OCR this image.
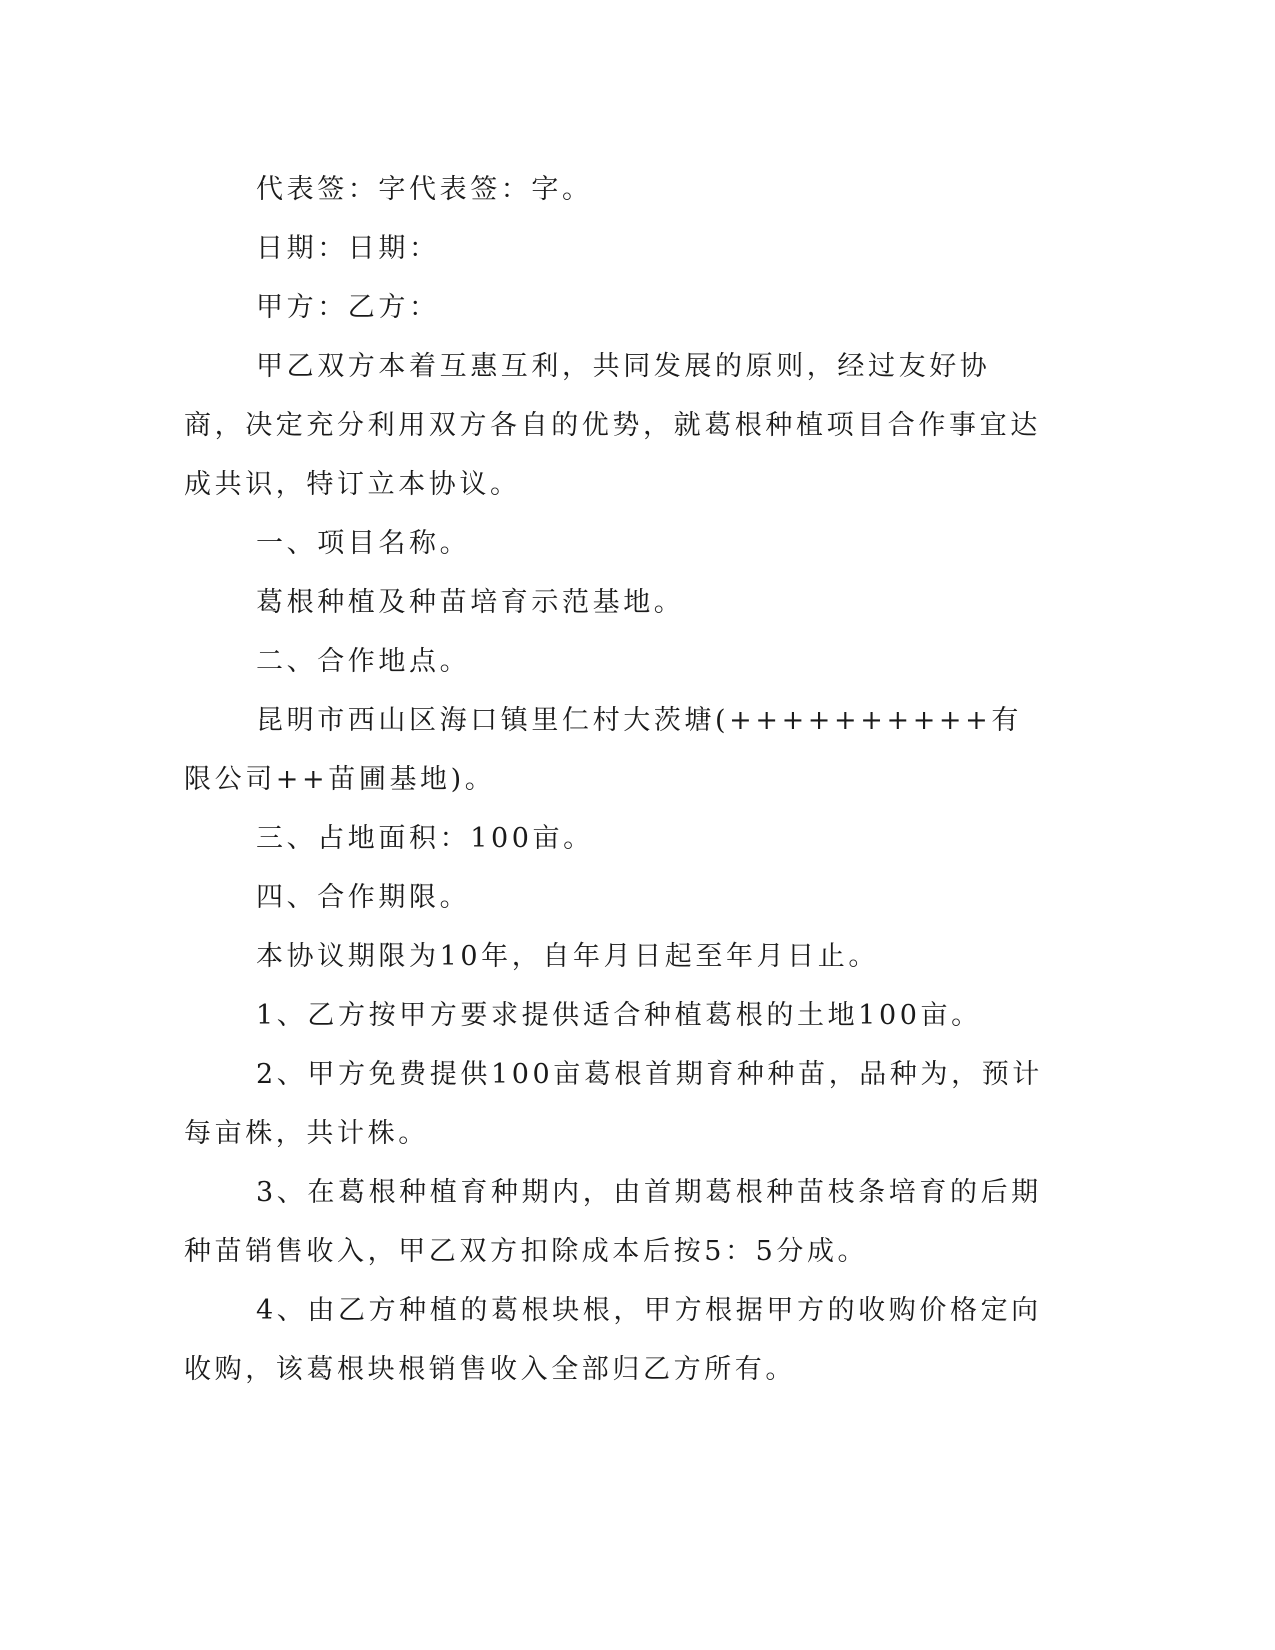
代表签：字代表签：字。

日期：日期：

甲方：乙方：

甲乙双方本着互惠互利，共同发展的原则，经过友好协商，决定充分利用双方各自的优势，就葛根种植项目合作事宜达成共识，特订立本协议。

一、项目名称。

葛根种植及种苗培育示范基地。

二、合作地点。

昆明市西山区海口镇里仁村大茨塘(++++++++++有限公司++苗圃基地)。

三、占地面积：100亩。

四、合作期限。

本协议期限为10年，自年月日起至年月日止。

1、乙方按甲方要求提供适合种植葛根的土地100亩。

2、甲方免费提供100亩葛根首期育种种苗，品种为，预计每亩株，共计株。

3、在葛根种植育种期内，由首期葛根种苗枝条培育的后期种苗销售收入，甲乙双方扣除成本后按5：5分成。

4、由乙方种植的葛根块根，甲方根据甲方的收购价格定向收购，该葛根块根销售收入全部归乙方所有。
